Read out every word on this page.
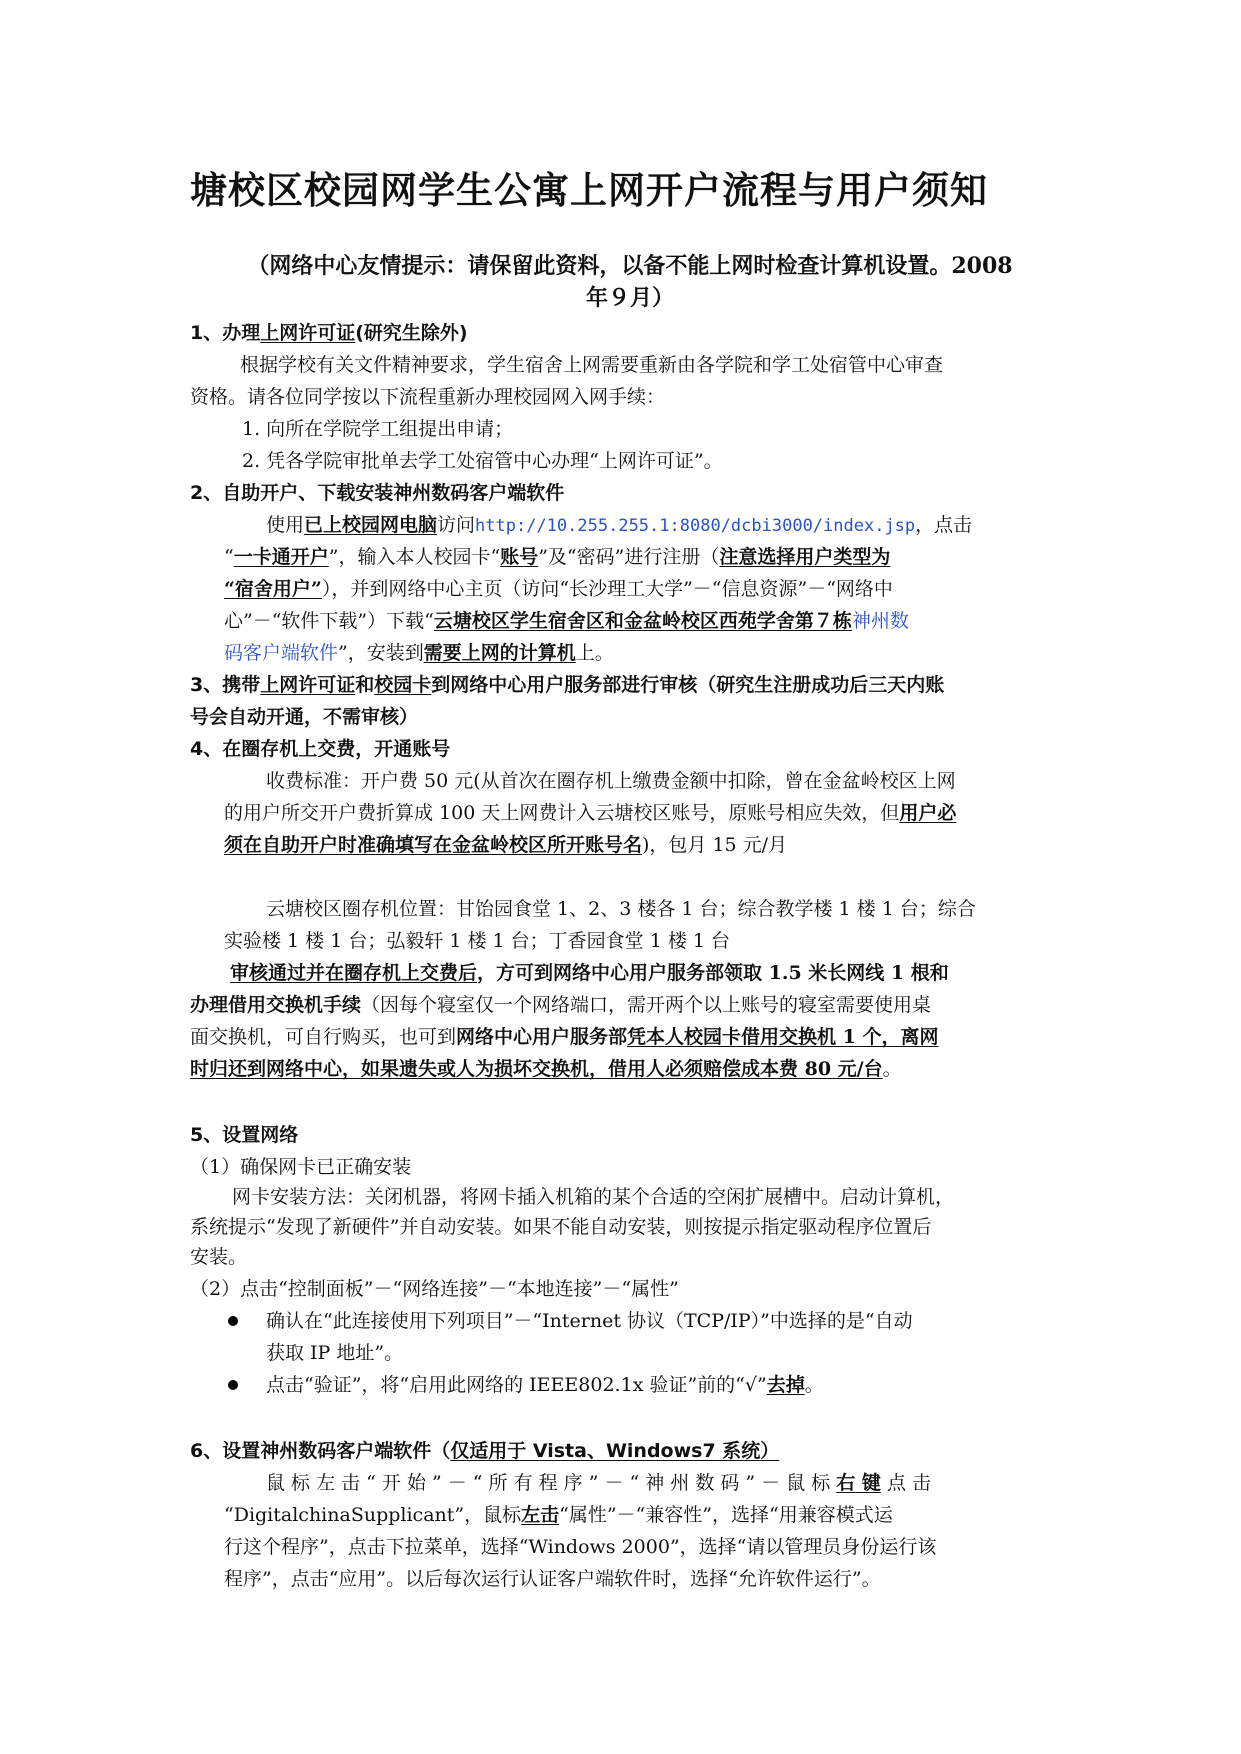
塘校区校园网学生公寓上网开户流程与用户须知
（网络中心友情提示：请保留此资料，以备不能上网时检查计算机设置。2008
年９月）
1、办理上网许可证(研究生除外)
根据学校有关文件精神要求，学生宿舍上网需要重新由各学院和学工处宿管中心审查
资格。请各位同学按以下流程重新办理校园网入网手续：
1. 向所在学院学工组提出申请；
2. 凭各学院审批单去学工处宿管中心办理“上网许可证”。
2、自助开户、下载安装神州数码客户端软件
使用已上校园网电脑访问http://10.255.255.1:8080/dcbi3000/index.jsp，点击
“一卡通开户”，输入本人校园卡“账号”及“密码”进行注册（注意选择用户类型为
“宿舍用户”），并到网络中心主页（访问“长沙理工大学”－“信息资源”－“网络中
心”－“软件下载”）下载“云塘校区学生宿舍区和金盆岭校区西苑学舍第７栋神州数
码客户端软件”，安装到需要上网的计算机上。
3、携带上网许可证和校园卡到网络中心用户服务部进行审核（研究生注册成功后三天内账
号会自动开通，不需审核）
4、在圈存机上交费，开通账号
收费标准：开户费 50 元(从首次在圈存机上缴费金额中扣除，曾在金盆岭校区上网
的用户所交开户费折算成 100 天上网费计入云塘校区账号，原账号相应失效，但用户必
须在自助开户时准确填写在金盆岭校区所开账号名)，包月 15 元/月
云塘校区圈存机位置：甘饴园食堂 1、2、3 楼各 1 台；综合教学楼 1 楼 1 台；综合
实验楼 1 楼 1 台；弘毅轩 1 楼 1 台；丁香园食堂 1 楼 1 台
审核通过并在圈存机上交费后，方可到网络中心用户服务部领取 1.5 米长网线 1 根和
办理借用交换机手续（因每个寝室仅一个网络端口，需开两个以上账号的寝室需要使用桌
面交换机，可自行购买，也可到网络中心用户服务部凭本人校园卡借用交换机 1 个，离网
时归还到网络中心，如果遗失或人为损坏交换机，借用人必须赔偿成本费 80 元/台。
5、设置网络
（1）确保网卡已正确安装
网卡安装方法：关闭机器，将网卡插入机箱的某个合适的空闲扩展槽中。启动计算机，
系统提示“发现了新硬件”并自动安装。如果不能自动安装，则按提示指定驱动程序位置后
安装。
（2）点击“控制面板”－“网络连接”－“本地连接”－“属性”
确认在“此连接使用下列项目”－“Internet 协议（TCP/IP）”中选择的是“自动
获取 IP 地址”。
点击“验证”，将“启用此网络的 IEEE802.1x 验证”前的“√”去掉。
6、设置神州数码客户端软件（仅适用于 Vista、Windows7 系统）
鼠 标 左 击 “ 开 始 ” － “ 所 有 程 序 ” － “ 神 州 数 码 ” － 鼠 标 右 键 点 击
“DigitalchinaSupplicant”，鼠标左击“属性”－“兼容性”，选择“用兼容模式运
行这个程序”，点击下拉菜单，选择“Windows 2000”，选择“请以管理员身份运行该
程序”，点击“应用”。以后每次运行认证客户端软件时，选择“允许软件运行”。
